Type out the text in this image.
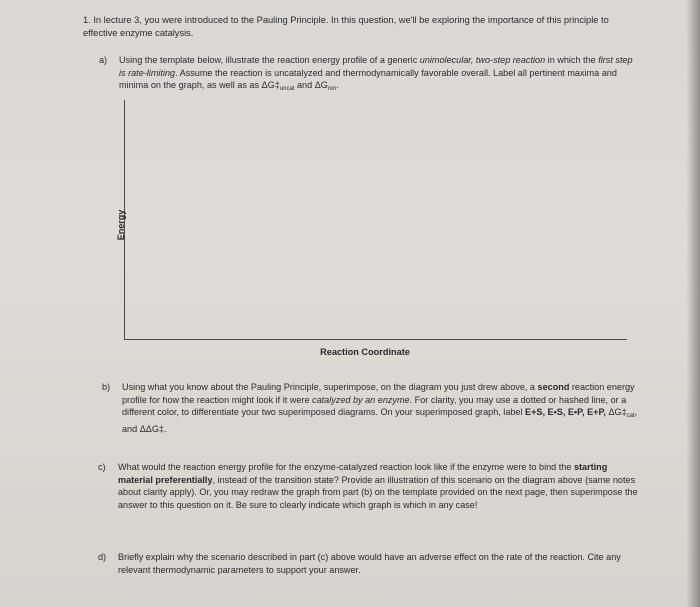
1. In lecture 3, you were introduced to the Pauling Principle. In this question, we'll be exploring the importance of this principle to effective enzyme catalysis.

a) Using the template below, illustrate the reaction energy profile of a generic unimolecular, two-step reaction in which the first step is rate-limiting. Assume the reaction is uncatalyzed and thermodynamically favorable overall. Label all pertinent maxima and minima on the graph, as well as as $\Delta G\ddagger_{uncat}$ and $\Delta G_{rxn}$.

Energy
Reaction Coordinate

b) Using what you know about the Pauling Principle, superimpose, on the diagram you just drew above, a second reaction energy profile for how the reaction might look if it were catalyzed by an enzyme. For clarity, you may use a dotted or hashed line, or a different color, to differentiate your two superimposed diagrams. On your superimposed graph, label E+S, E•S, E•P, E+P, $\Delta G\ddagger_{cat}$, and ΔΔG‡.

c) What would the reaction energy profile for the enzyme-catalyzed reaction look like if the enzyme were to bind the starting material preferentially, instead of the transition state? Provide an illustration of this scenario on the diagram above (same notes about clarity apply). Or, you may redraw the graph from part (b) on the template provided on the next page, then superimpose the answer to this question on it. Be sure to clearly indicate which graph is which in any case!

d) Briefly explain why the scenario described in part (c) above would have an adverse effect on the rate of the reaction. Cite any relevant thermodynamic parameters to support your answer.
